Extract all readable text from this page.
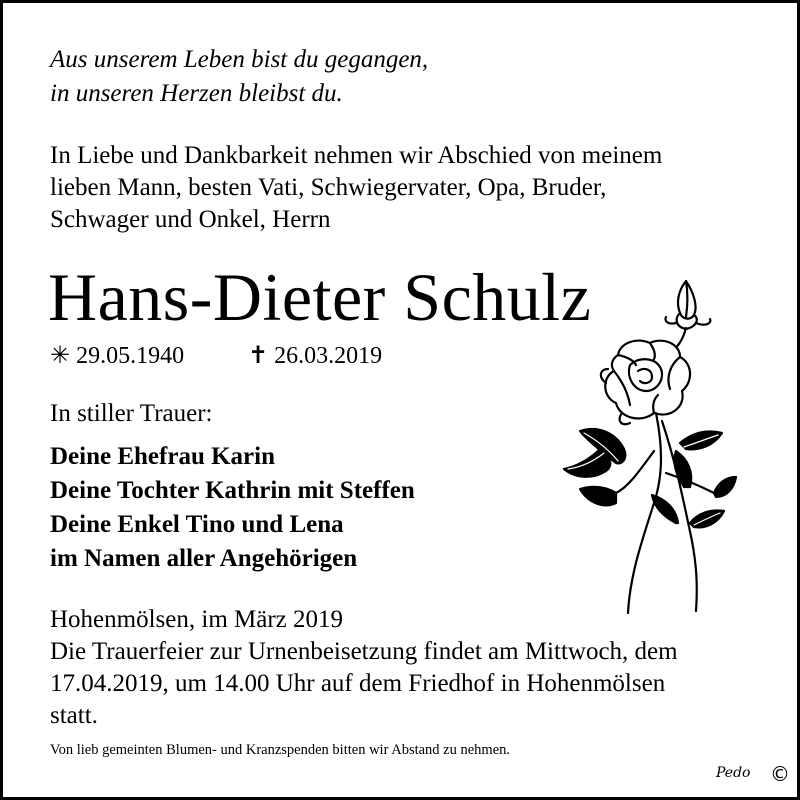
Aus unserem Leben bist du gegangen,
in unseren Herzen bleibst du.
In Liebe und Dankbarkeit nehmen wir Abschied von meinem
lieben Mann, besten Vati, Schwiegervater, Opa, Bruder,
Schwager und Onkel, Herrn
Hans-Dieter Schulz
✳ 29.05.1940	✝ 26.03.2019
In stiller Trauer:
Deine Ehefrau Karin
Deine Tochter Kathrin mit Steffen
Deine Enkel Tino und Lena
im Namen aller Angehörigen
Hohenmölsen, im März 2019
Die Trauerfeier zur Urnenbeisetzung findet am Mittwoch, dem
17.04.2019, um 14.00 Uhr auf dem Friedhof in Hohenmölsen
statt.
Von lieb gemeinten Blumen- und Kranzspenden bitten wir Abstand zu nehmen.
Pedo ©
